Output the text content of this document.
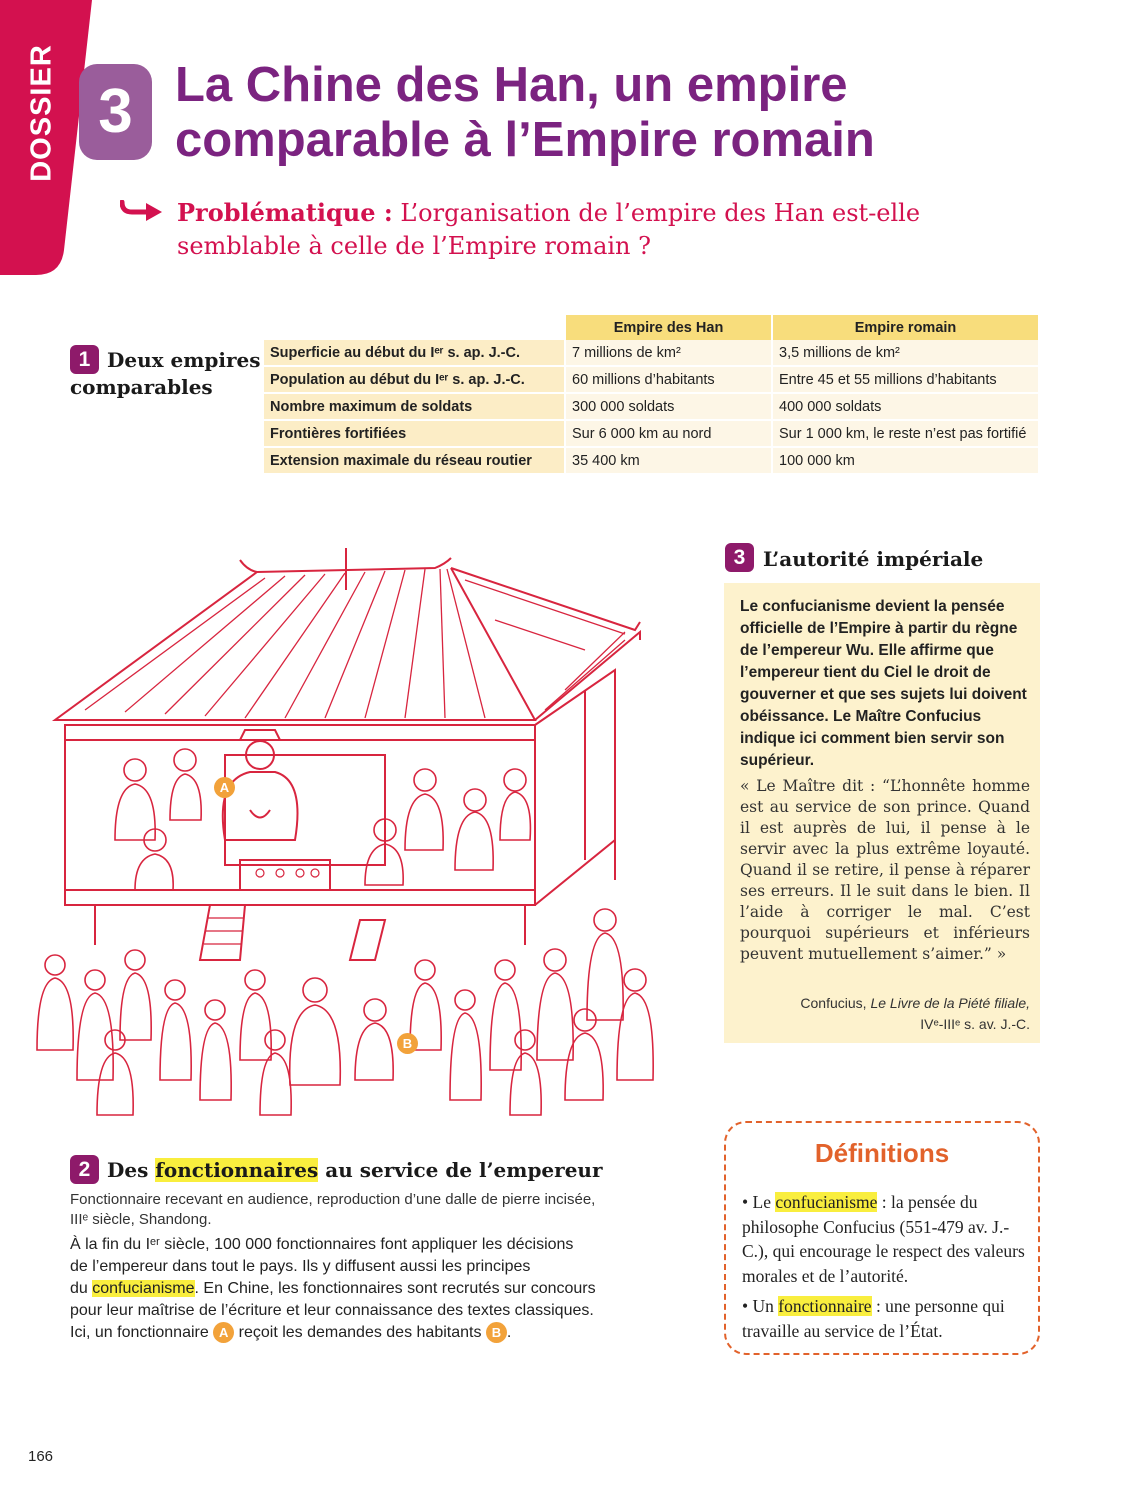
DOSSIER 3 La Chine des Han, un empire
comparable à l’Empire romain
Problématique : L’organisation de l’empire des Han est-elle
semblable à celle de l’Empire romain ?
1 Deux empires
comparables
	Empire des Han	Empire romain
Superficie au début du Iᵉʳ s. ap. J.-C.	7 millions de km²	3,5 millions de km²
Population au début du Iᵉʳ s. ap. J.-C.	60 millions d’habitants	Entre 45 et 55 millions d’habitants
Nombre maximum de soldats	300 000 soldats	400 000 soldats
Frontières fortifiées	Sur 6 000 km au nord	Sur 1 000 km, le reste n’est pas fortifié
Extension maximale du réseau routier	35 400 km	100 000 km
A
B
2 Des fonctionnaires au service de l’empereur
Fonctionnaire recevant en audience, reproduction d’une dalle de pierre incisée,
IIIᵉ siècle, Shandong.
À la fin du Iᵉʳ siècle, 100 000 fonctionnaires font appliquer les décisions
de l’empereur dans tout le pays. Ils y diffusent aussi les principes
du confucianisme. En Chine, les fonctionnaires sont recrutés sur concours
pour leur maîtrise de l’écriture et leur connaissance des textes classiques.
Ici, un fonctionnaire A reçoit les demandes des habitants B .
3 L’autorité impériale
Le confucianisme devient la pensée officielle de l’Empire à partir du règne de l’empereur Wu. Elle affirme que l’empereur tient du Ciel le droit de gouverner et que ses sujets lui doivent obéissance. Le Maître Confucius indique ici comment bien servir son supérieur.
« Le Maître dit : “L’honnête homme est au service de son prince. Quand il est auprès de lui, il pense à le servir avec la plus extrême loyauté. Quand il se retire, il pense à réparer ses erreurs. Il le suit dans le bien. Il l’aide à corriger le mal. C’est pourquoi supérieurs et inférieurs peuvent mutuellement s’aimer.” »
Confucius, Le Livre de la Piété filiale,
IVᵉ-IIIᵉ s. av. J.-C.
Définitions
• Le confucianisme : la pensée du philosophe Confucius (551-479 av. J.-C.), qui encourage le respect des valeurs morales et de l’autorité.
• Un fonctionnaire : une personne qui travaille au service de l’État.
166
